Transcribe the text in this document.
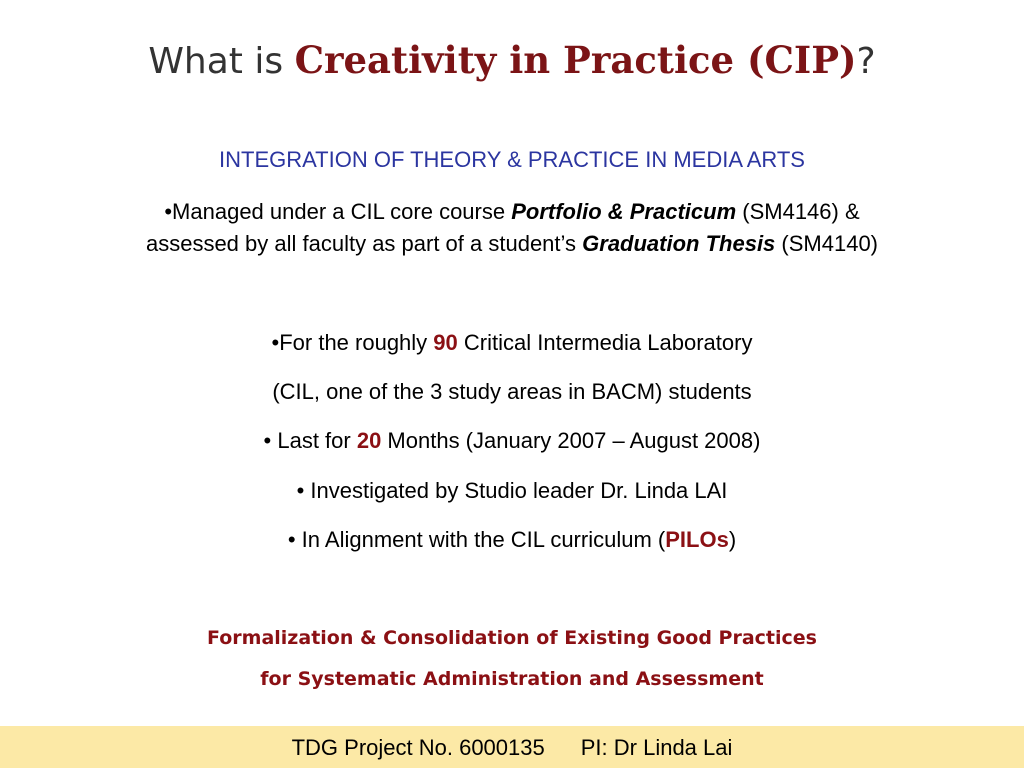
What is Creativity in Practice (CIP)?
INTEGRATION OF THEORY & PRACTICE IN MEDIA ARTS
•Managed under a CIL core course Portfolio & Practicum (SM4146) &
assessed by all faculty as part of a student’s Graduation Thesis (SM4140)
•For the roughly 90 Critical Intermedia Laboratory
(CIL, one of the 3 study areas in BACM) students
• Last for 20 Months (January 2007 – August 2008)
• Investigated by Studio leader Dr. Linda LAI
• In Alignment with the CIL curriculum (PILOs)
Formalization & Consolidation of Existing Good Practices
for Systematic Administration and Assessment
TDG Project No. 6000135 PI: Dr Linda Lai
